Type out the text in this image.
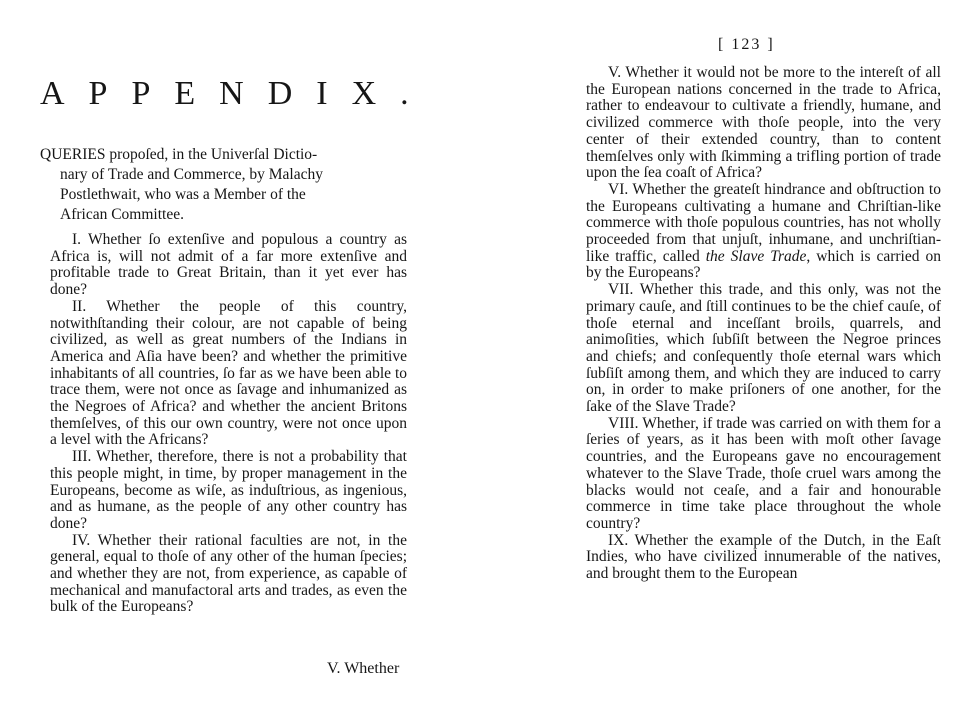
APPENDIX.
QUERIES propoſed, in the Univerſal Dictio-
nary of Trade and Commerce, by Malachy
Postlethwait, who was a Member of the
African Committee.

I. Whether ſo extenſive and populous a country as Africa is, will not admit of a far more extenſive and profitable trade to Great Britain, than it yet ever has done?

II. Whether the people of this country, notwithſtanding their colour, are not capable of being civilized, as well as great numbers of the Indians in America and Aſia have been? and whether the primitive inhabitants of all countries, ſo far as we have been able to trace them, were not once as ſavage and inhumanized as the Negroes of Africa? and whether the ancient Britons themſelves, of this our own country, were not once upon a level with the Africans?

III. Whether, therefore, there is not a probability that this people might, in time, by proper management in the Europeans, become as wiſe, as induſtrious, as ingenious, and as humane, as the people of any other country has done?

IV. Whether their rational faculties are not, in the general, equal to thoſe of any other of the human ſpecies; and whether they are not, from experience, as capable of mechanical and manufactoral arts and trades, as even the bulk of the Europeans?

V. Whether
[ 123 ]

V. Whether it would not be more to the intereſt of all the European nations concerned in the trade to Africa, rather to endeavour to cultivate a friendly, humane, and civilized commerce with thoſe people, into the very center of their extended country, than to content themſelves only with ſkimming a trifling portion of trade upon the ſea coaſt of Africa?

VI. Whether the greateſt hindrance and obſtruction to the Europeans cultivating a humane and Chriſtian-like commerce with thoſe populous countries, has not wholly proceeded from that unjuſt, inhumane, and unchriſtian-like traffic, called the Slave Trade, which is carried on by the Europeans?

VII. Whether this trade, and this only, was not the primary cauſe, and ſtill continues to be the chief cauſe, of thoſe eternal and inceſſant broils, quarrels, and animoſities, which ſubſiſt between the Negroe princes and chiefs; and conſequently thoſe eternal wars which ſubſiſt among them, and which they are induced to carry on, in order to make priſoners of one another, for the ſake of the Slave Trade?

VIII. Whether, if trade was carried on with them for a ſeries of years, as it has been with moſt other ſavage countries, and the Europeans gave no encouragement whatever to the Slave Trade, thoſe cruel wars among the blacks would not ceaſe, and a fair and honourable commerce in time take place throughout the whole country?

IX. Whether the example of the Dutch, in the Eaſt Indies, who have civilized innumerable of the natives, and brought them to the European
